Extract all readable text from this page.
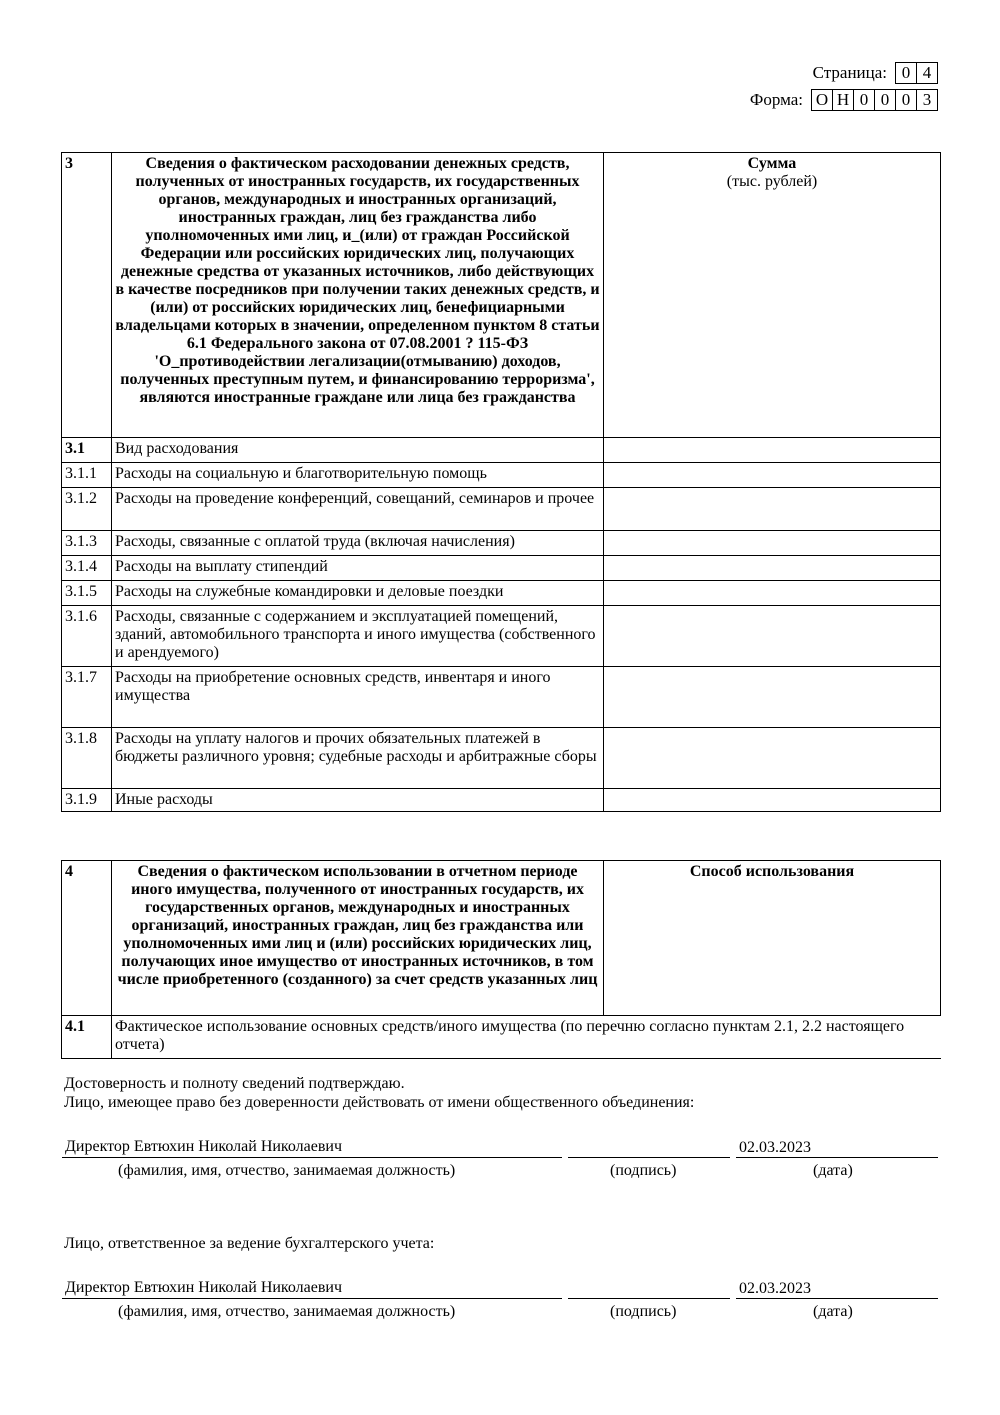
Страница: 0 4
Форма: О Н 0 0 0 3
3	Сведения о фактическом расходовании денежных средств, полученных от иностранных государств, их государственных органов, международных и иностранных организаций, иностранных граждан, лиц без гражданства либо уполномоченных ими лиц, и_(или) от граждан Российской Федерации или российских юридических лиц, получающих денежные средства от указанных источников, либо действующих в качестве посредников при получении таких денежных средств, и (или) от российских юридических лиц, бенефициарными владельцами которых в значении, определенном пунктом 8 статьи 6.1 Федерального закона от 07.08.2001 ? 115-ФЗ 'О_противодействии легализации(отмыванию) доходов, полученных преступным путем, и финансированию терроризма', являются иностранные граждане или лица без гражданства	Сумма
(тыс. рублей)

3.1	Вид расходования	
3.1.1	Расходы на социальную и благотворительную помощь	
3.1.2	Расходы на проведение конференций, совещаний, семинаров и прочее	
3.1.3	Расходы, связанные с оплатой труда (включая начисления)	
3.1.4	Расходы на выплату стипендий	
3.1.5	Расходы на служебные командировки и деловые поездки	
3.1.6	Расходы, связанные с содержанием и эксплуатацией помещений, зданий, автомобильного транспорта и иного имущества (собственного и арендуемого)	
3.1.7	Расходы на приобретение основных средств, инвентаря и иного
имущества	
3.1.8	Расходы на уплату налогов и прочих обязательных платежей в бюджеты различного уровня; судебные расходы и арбитражные сборы	
3.1.9	Иные расходы	
4	Сведения о фактическом использовании в отчетном периоде иного имущества, полученного от иностранных государств, их государственных органов, международных и иностранных организаций, иностранных граждан, лиц без гражданства или уполномоченных ими лиц и (или) российских юридических лиц, получающих иное имущество от иностранных источников, в том числе приобретенного (созданного) за счет средств указанных лиц	Способ использования
4.1	Фактическое использование основных средств/иного имущества (по перечню согласно пунктам 2.1, 2.2 настоящего отчета)	
Достоверность и полноту сведений подтверждаю.
Лицо, имеющее право без доверенности действовать от имени общественного объединения:
Директор Евтюхин Николай Николаевич	02.03.2023
(фамилия, имя, отчество, занимаемая должность)	(подпись)	(дата)
Лицо, ответственное за ведение бухгалтерского учета:
Директор Евтюхин Николай Николаевич	02.03.2023
(фамилия, имя, отчество, занимаемая должность)	(подпись)	(дата)
